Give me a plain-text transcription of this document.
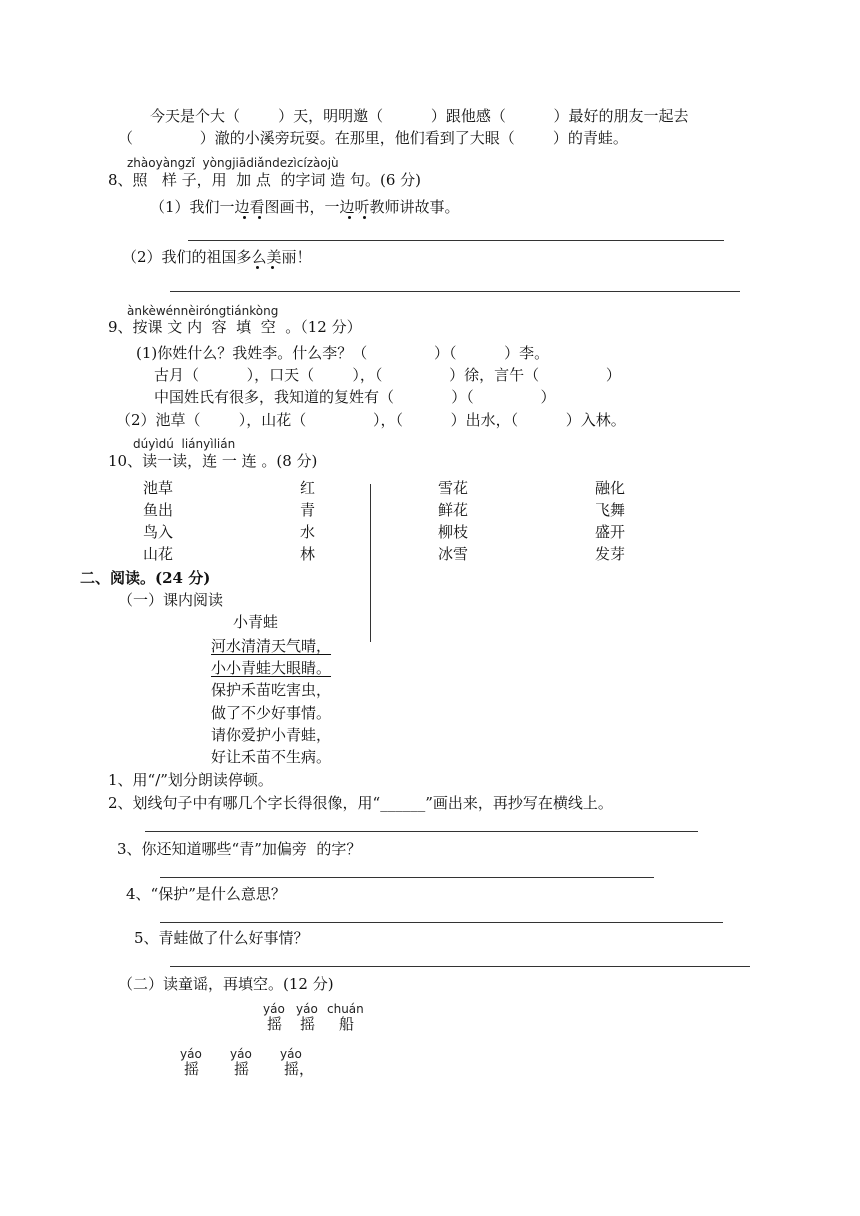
今天是个大（        ）天，明明邀（          ）跟他感（          ）最好的朋友一起去
（              ）澈的小溪旁玩耍。在那里，他们看到了大眼（        ）的青蛙。
zhàoyàngzǐ  yòngjiādiǎndezìcízàojù
8、照   样 子，用  加 点  的字词 造 句。(6 分)
（1）我们一边看图画书，一边听教师讲故事。
（2）我们的祖国多么美丽！
ànkèwénnèiróngtiánkòng
9、按课 文 内  容  填  空  。（12 分）
(1)你姓什么？我姓李。什么李？（              ）（          ）李。
古月（          ），口天（        ），（              ）徐，言午（              ）
中国姓氏有很多，我知道的复姓有（            ）（              ）
（2）池草（        ），山花（              ），（          ）出水，（          ）入林。
dúyìdú  liányìlián
10、读一读，连 一 连 。(8 分)
池草
鱼出
鸟入
山花
红
青
水
林
雪花
鲜花
柳枝
冰雪
融化
飞舞
盛开
发芽
二、阅读。(24 分)
（一）课内阅读
小青蛙
河水清清天气晴，
小小青蛙大眼睛。
保护禾苗吃害虫，
做了不少好事情。
请你爱护小青蛙，
好让禾苗不生病。
1、用“/”划分朗读停顿。
2、划线句子中有哪几个字长得很像，用“______”画出来，再抄写在横线上。
3、你还知道哪些“青”加偏旁  的字？
4、“保护”是什么意思？
5、青蛙做了什么好事情？
（二）读童谣，再填空。(12 分)
yáo yáo chuán
摇 摇 船
yáo yáo yáo
摇 摇 摇，
